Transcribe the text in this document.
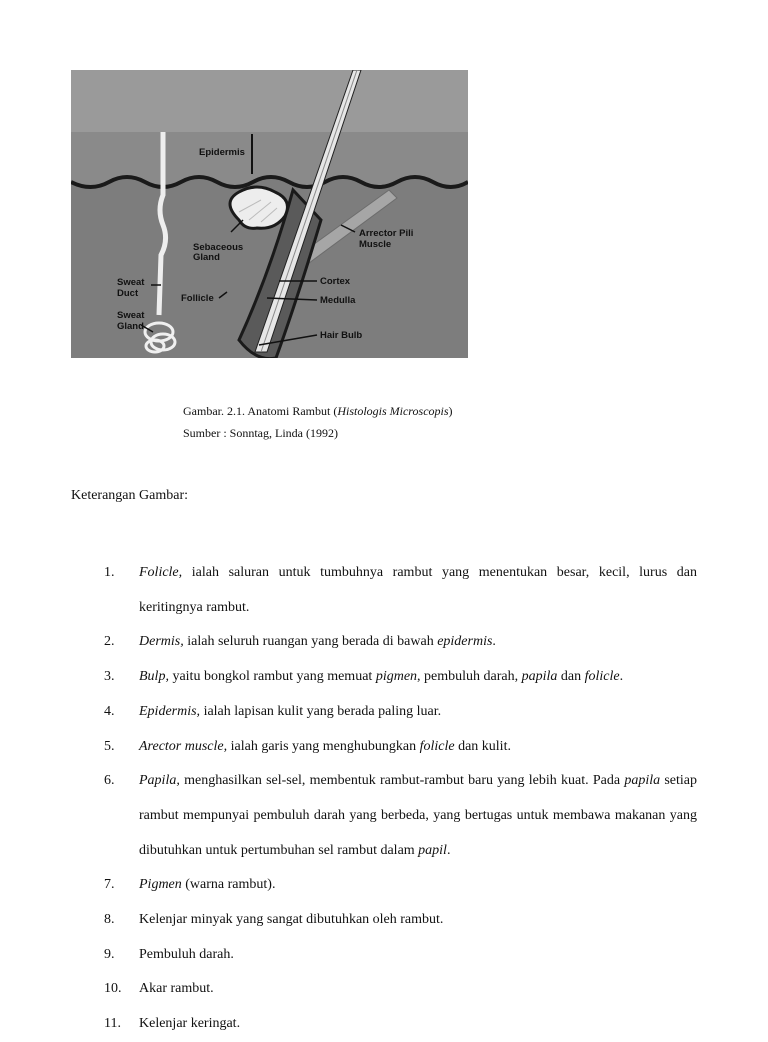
Epidermis
Sebaceous
Gland
Arrector Pili
Muscle
Sweat
Duct	Follicle
Cortex
Medulla
Sweat
Gland
Hair Bulb
Gambar. 2.1. Anatomi Rambut (Histologis Microscopis)
Sumber : Sonntag, Linda (1992)
Keterangan Gambar:
1.	Folicle, ialah saluran untuk tumbuhnya rambut yang menentukan besar, kecil, lurus dan keritingnya rambut.
2.	Dermis, ialah seluruh ruangan yang berada di bawah epidermis.
3.	Bulp, yaitu bongkol rambut yang memuat pigmen, pembuluh darah, papila dan folicle.
4.	Epidermis, ialah lapisan kulit yang berada paling luar.
5.	Arector muscle, ialah garis yang menghubungkan folicle dan kulit.
6.	Papila, menghasilkan sel-sel, membentuk rambut-rambut baru yang lebih kuat. Pada papila setiap rambut mempunyai pembuluh darah yang berbeda, yang bertugas untuk membawa makanan yang dibutuhkan untuk pertumbuhan sel rambut dalam papil.
7.	Pigmen (warna rambut).
8.	Kelenjar minyak yang sangat dibutuhkan oleh rambut.
9.	Pembuluh darah.
10.	Akar rambut.
11.	Kelenjar keringat.
